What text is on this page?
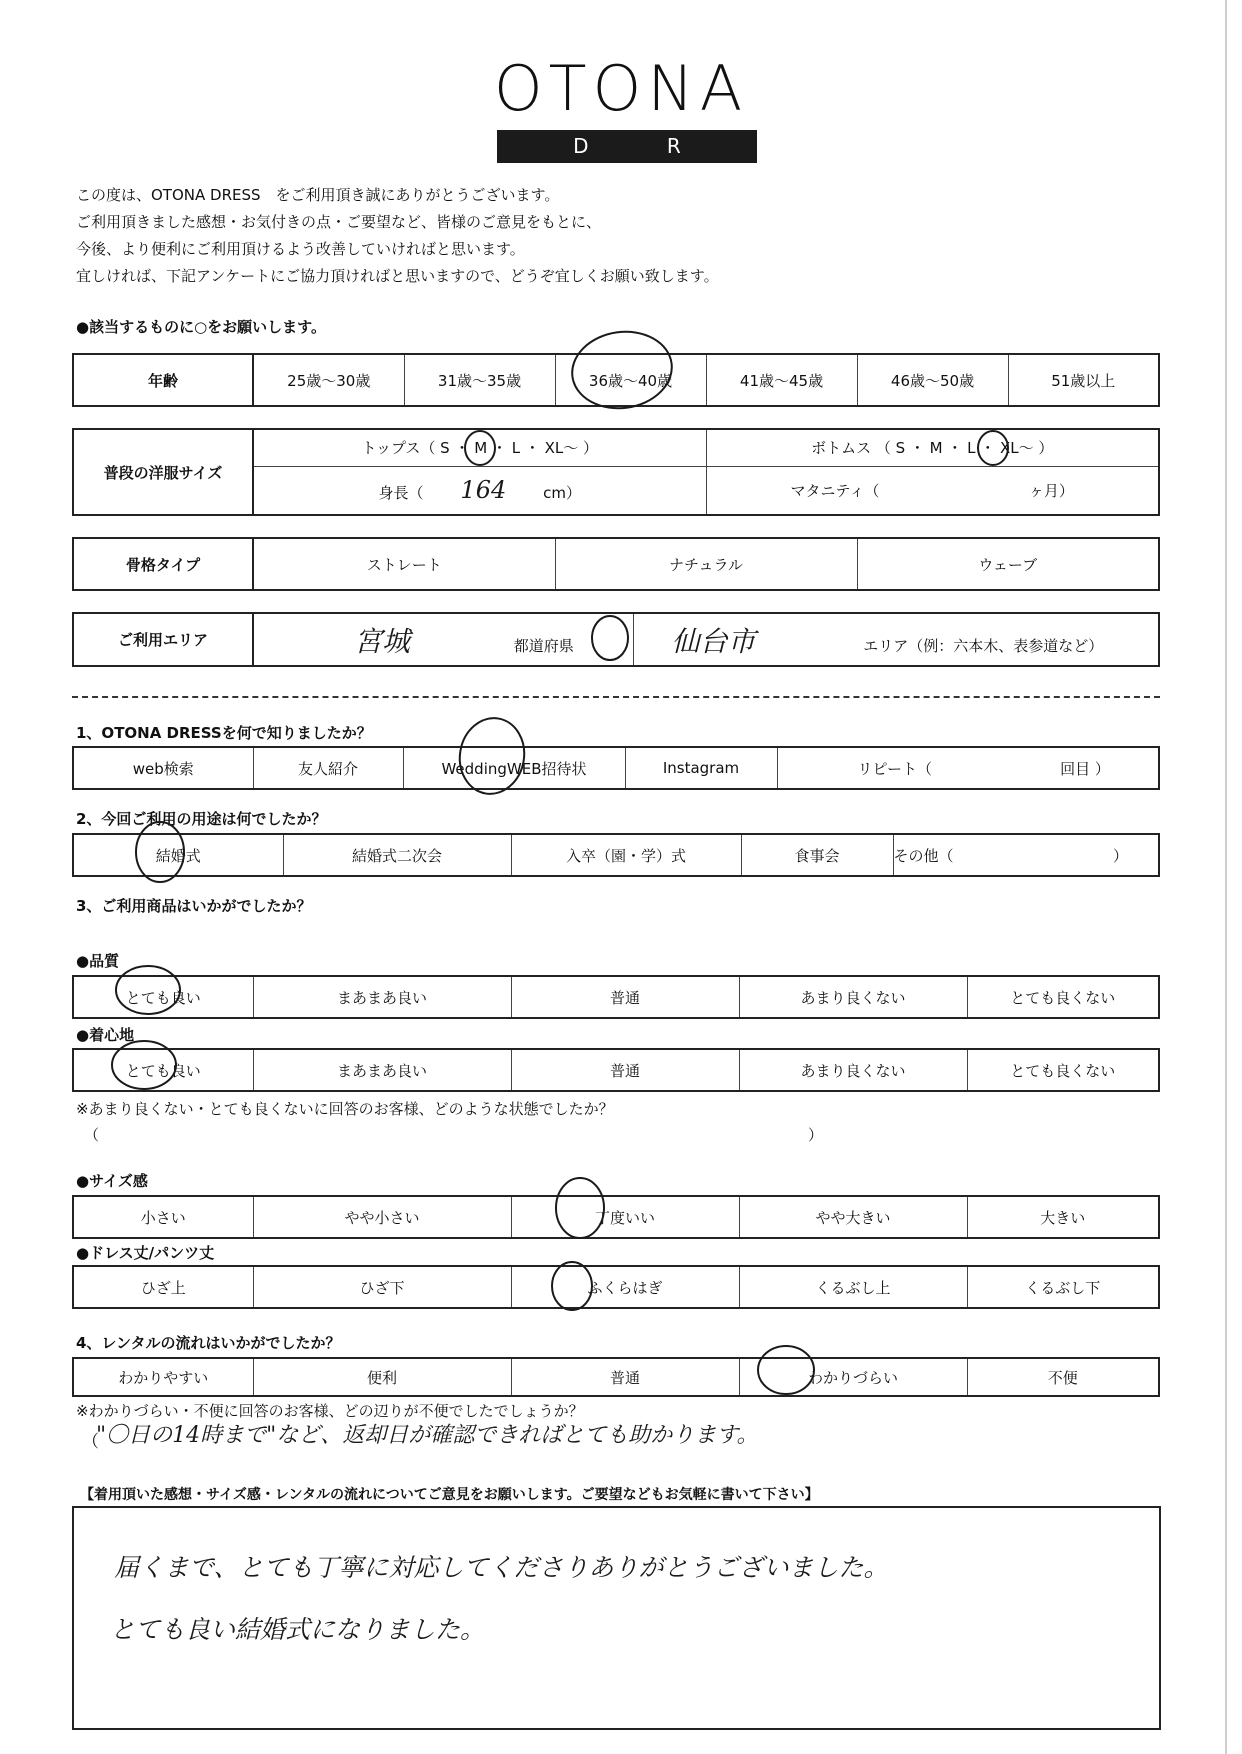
OTONA
D R E S S
この度は、OTONA DRESS　をご利用頂き誠にありがとうございます。
ご利用頂きました感想・お気付きの点・ご要望など、皆様のご意見をもとに、
今後、より便利にご利用頂けるよう改善していければと思います。
宜しければ、下記アンケートにご協力頂ければと思いますので、どうぞ宜しくお願い致します。
●該当するものに○をお願いします。
年齢	25歳～30歳	31歳～35歳	36歳～40歳	41歳～45歳	46歳～50歳	51歳以上
普段の洋服サイズ	トップス（ S ・ M ・ L ・ XL～ ）	ボトムス （ S ・ M ・ L ・ XL～ ）
	身長（ 164 cm）	マタニティ（ ヶ月）
骨格タイプ	ストレート	ナチュラル	ウェーブ
ご利用エリア	宮城	都道府県	仙台市	エリア（例：六本木、表参道など）
1、OTONA DRESSを何で知りましたか？
web検索	友人紹介	WeddingWEB招待状	Instagram	リピート（	回目 ）
2、今回ご利用の用途は何でしたか？
結婚式	結婚式二次会	入卒（園・学）式	食事会	その他（	）
3、ご利用商品はいかがでしたか？
●品質
とても良い	まあまあ良い	普通	あまり良くない	とても良くない
●着心地
とても良い	まあまあ良い	普通	あまり良くない	とても良くない
※あまり良くない・とても良くないに回答のお客様、どのような状態でしたか？
（	）
●サイズ感
小さい	やや小さい	丁度いい	やや大きい	大きい
●ドレス丈/パンツ丈
ひざ上	ひざ下	ふくらはぎ	くるぶし上	くるぶし下
4、レンタルの流れはいかがでしたか？
わかりやすい	便利	普通	わかりづらい	不便
※わかりづらい・不便に回答のお客様、どの辺りが不便でしたでしょうか？
（
"〇日の14時まで"など、返却日が確認できればとても助かります。
【着用頂いた感想・サイズ感・レンタルの流れについてご意見をお願いします。ご要望などもお気軽に書いて下さい】
届くまで、とても丁寧に対応してくださりありがとうございました。
とても良い結婚式になりました。
